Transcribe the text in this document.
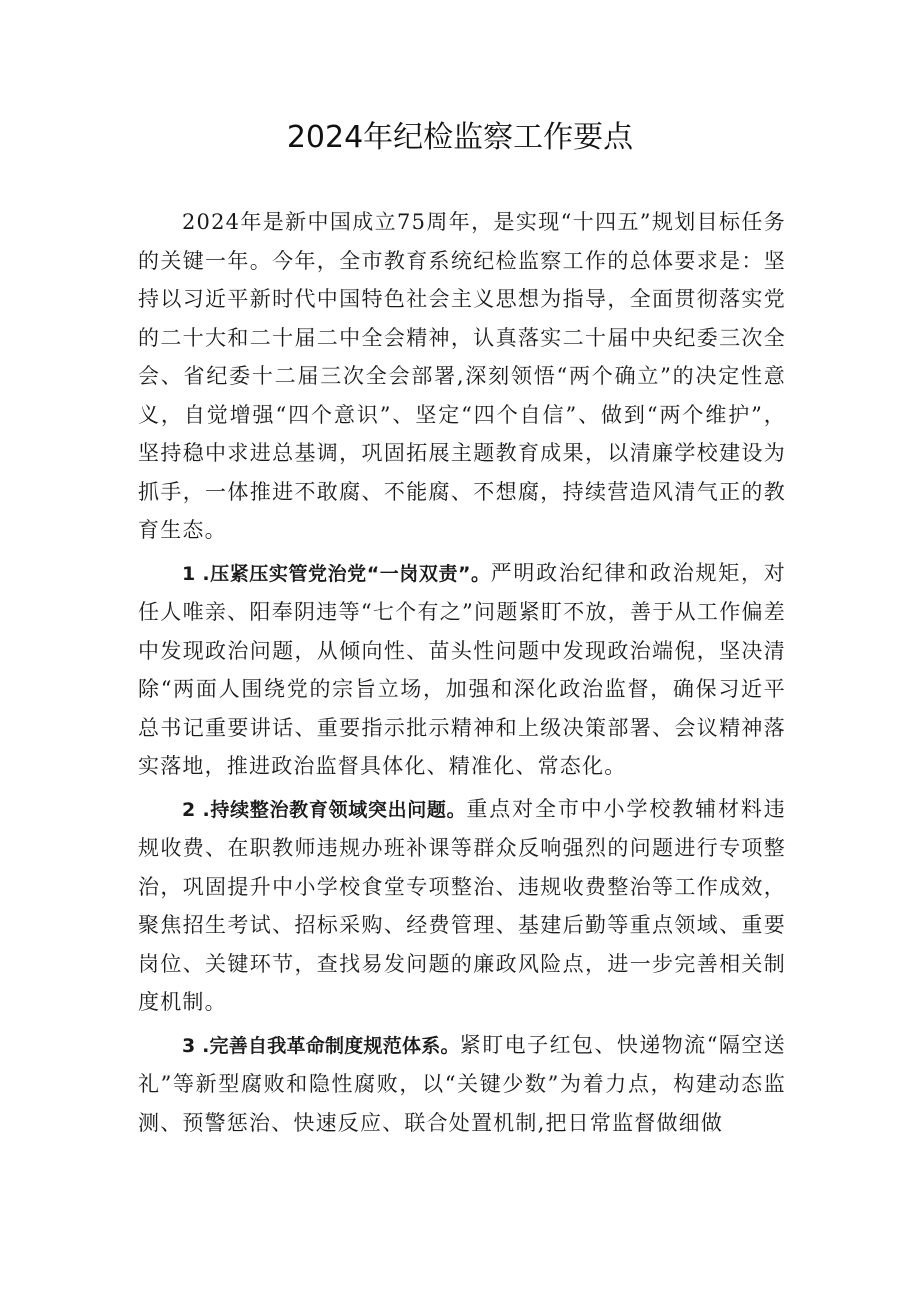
2024年纪检监察工作要点

2024年是新中国成立75周年，是实现“十四五”规划目标任务的关键一年。今年，全市教育系统纪检监察工作的总体要求是：坚持以习近平新时代中国特色社会主义思想为指导，全面贯彻落实党的二十大和二十届二中全会精神，认真落实二十届中央纪委三次全会、省纪委十二届三次全会部署,深刻领悟“两个确立”的决定性意义，自觉增强“四个意识”、坚定“四个自信”、做到“两个维护”，坚持稳中求进总基调，巩固拓展主题教育成果，以清廉学校建设为抓手，一体推进不敢腐、不能腐、不想腐，持续营造风清气正的教育生态。

1 .压紧压实管党治党“一岗双责”。严明政治纪律和政治规矩，对任人唯亲、阳奉阴违等“七个有之”问题紧盯不放，善于从工作偏差中发现政治问题，从倾向性、苗头性问题中发现政治端倪，坚决清除“两面人围绕党的宗旨立场，加强和深化政治监督，确保习近平总书记重要讲话、重要指示批示精神和上级决策部署、会议精神落实落地，推进政治监督具体化、精准化、常态化。

2 .持续整治教育领域突出问题。重点对全市中小学校教辅材料违规收费、在职教师违规办班补课等群众反响强烈的问题进行专项整治，巩固提升中小学校食堂专项整治、违规收费整治等工作成效，聚焦招生考试、招标采购、经费管理、基建后勤等重点领域、重要岗位、关键环节，查找易发问题的廉政风险点，进一步完善相关制度机制。

3 .完善自我革命制度规范体系。紧盯电子红包、快递物流“隔空送礼”等新型腐败和隐性腐败，以“关键少数”为着力点，构建动态监测、预警惩治、快速反应、联合处置机制,把日常监督做细做
